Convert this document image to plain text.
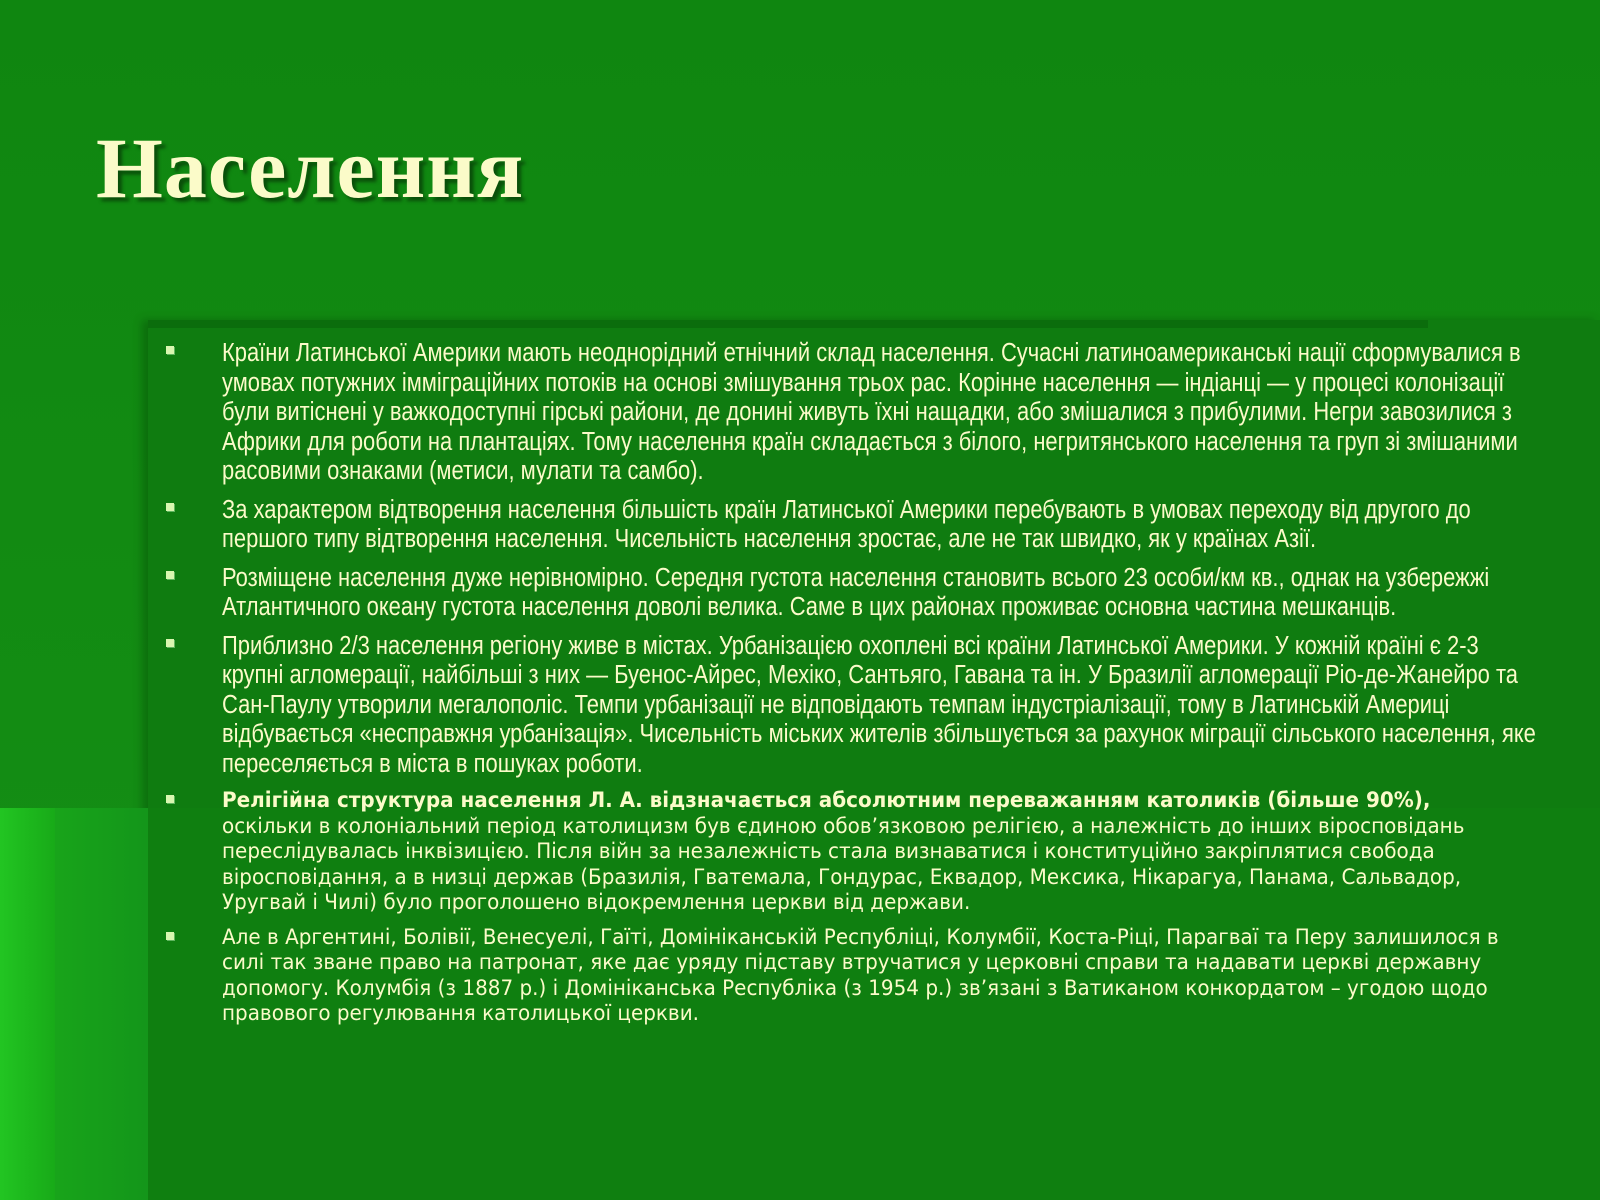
Населення
Країни Латинської Америки мають неоднорідний етнічний склад населення. Сучасні латиноамериканські нації сформувалися в умовах потужних імміграційних потоків на основі змішування трьох рас. Корінне населення — індіанці — у процесі колонізації були витіснені у важкодоступні гірські райони, де донині живуть їхні нащадки, або змішалися з прибулими. Негри завозилися з Африки для роботи на плантаціях. Тому населення країн складається з білого, негритянського населення та груп зі змішаними расовими ознаками (метиси, мулати та самбо).
За характером відтворення населення більшість країн Латинської Америки перебувають в умовах переходу від другого до першого типу відтворення населення. Чисельність населення зростає, але не так швидко, як у країнах Азії.
Розміщене населення дуже нерівномірно. Середня густота населення становить всього 23 особи/км кв., однак на узбережжі Атлантичного океану густота населення доволі велика. Саме в цих районах проживає основна частина мешканців.
Приблизно 2/3 населення регіону живе в містах. Урбанізацією охоплені всі країни Латинської Америки. У кожній країні є 2-3 крупні агломерації, найбільші з них — Буенос-Айрес, Мехіко, Сантьяго, Гавана та ін. У Бразилії агломерації Ріо-де-Жанейро та Сан-Паулу утворили мегалополіс. Темпи урбанізації не відповідають темпам індустріалізації, тому в Латинській Америці відбувається «несправжня урбанізація». Чисельність міських жителів збільшується за рахунок міграції сільського населення, яке переселяється в міста в пошуках роботи.
Релігійна структура населення Л. А. відзначається абсолютним переважанням католиків (більше 90%), оскільки в колоніальний період католицизм був єдиною обов’язковою релігією, а належність до інших віросповідань переслідувалась інквізицією. Після війн за незалежність стала визнаватися і конституційно закріплятися свобода віросповідання, а в низці держав (Бразилія, Гватемала, Гондурас, Еквадор, Мексика, Нікарагуа, Панама, Сальвадор, Уругвай і Чилі) було проголошено відокремлення церкви від держави.
Але в Аргентині, Болівії, Венесуелі, Гаїті, Домініканській Республіці, Колумбії, Коста-Ріці, Парагваї та Перу залишилося в силі так зване право на патронат, яке дає уряду підставу втручатися у церковні справи та надавати церкві державну допомогу. Колумбія (з 1887 р.) і Домініканська Республіка (з 1954 р.) зв’язані з Ватиканом конкордатом – угодою щодо правового регулювання католицької церкви.
